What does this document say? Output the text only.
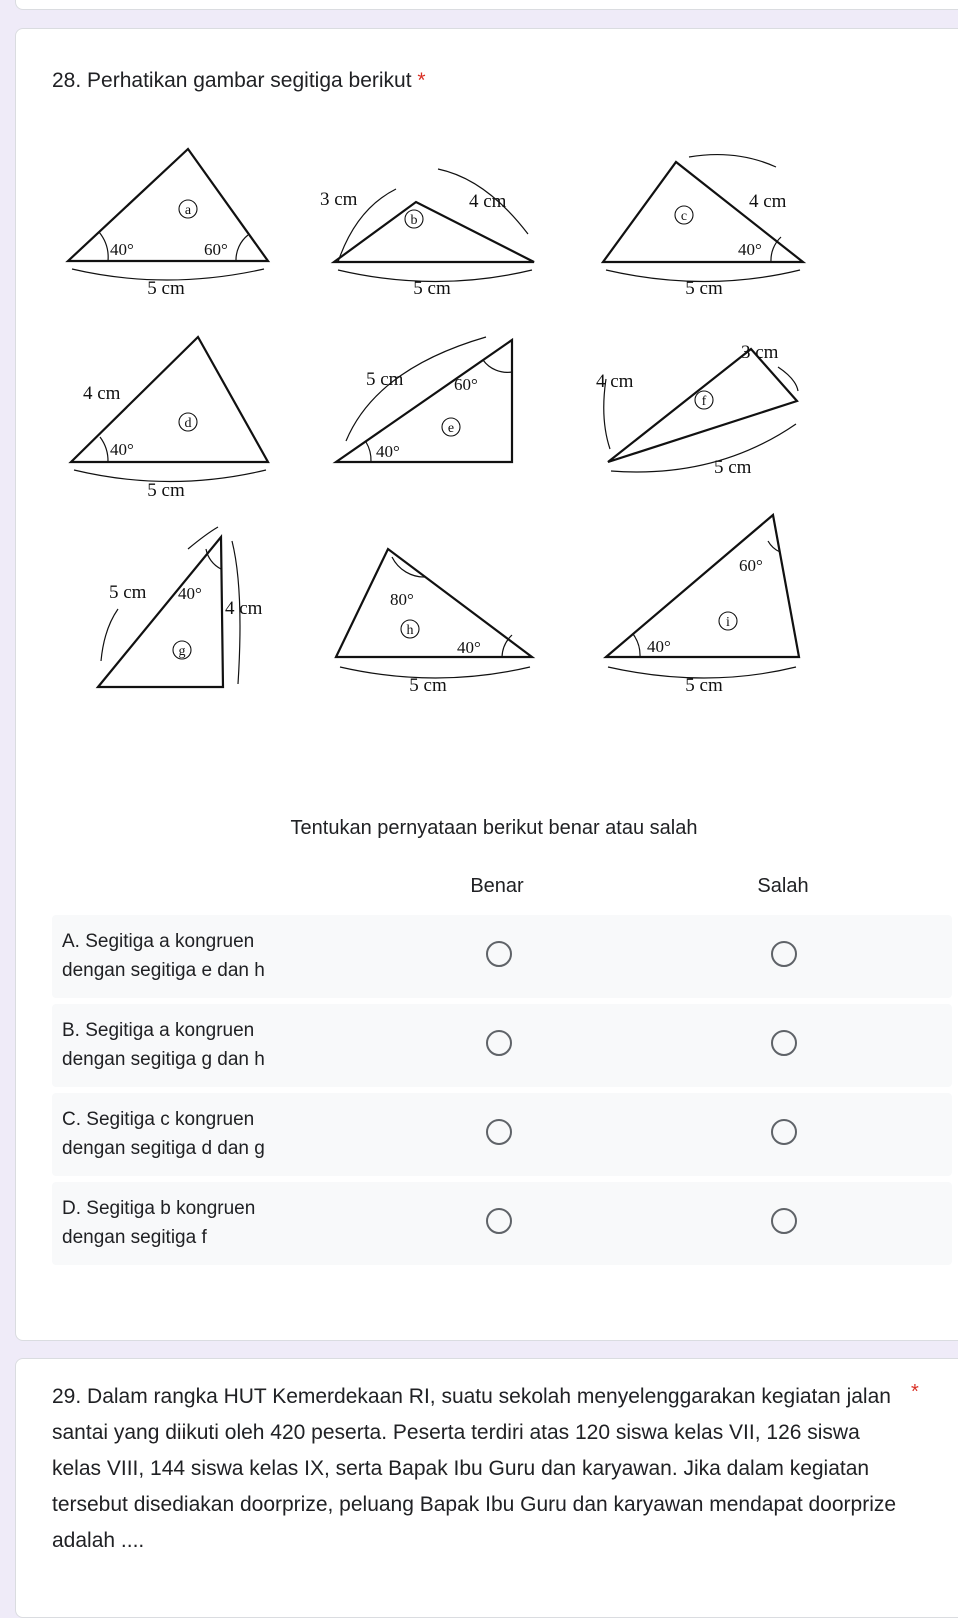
28. Perhatikan gambar segitiga berikut *
a
b	c
d	e
f
g
h
i
40°	60°
5 cm
3 cm	4 cm
5 cm
4 cm
40°
5 cm
4 cm
40°
5 cm
5 cm	60°
40°
3 cm
4 cm
5 cm
5 cm 40°
4 cm	80°
40°
5 cm
60°
40°
5 cm
Tentukan pernyataan berikut benar atau salah
Benar	Salah
A. Segitiga a kongruen
dengan segitiga e dan h
B. Segitiga a kongruen
dengan segitiga g dan h
C. Segitiga c kongruen
dengan segitiga d dan g
D. Segitiga b kongruen
dengan segitiga f
29. Dalam rangka HUT Kemerdekaan RI, suatu sekolah menyelenggarakan kegiatan jalan santai yang diikuti oleh 420 peserta. Peserta terdiri atas 120 siswa kelas VII, 126 siswa kelas VIII, 144 siswa kelas IX, serta Bapak Ibu Guru dan karyawan. Jika dalam kegiatan tersebut disediakan doorprize, peluang Bapak Ibu Guru dan karyawan mendapat doorprize adalah ....
*
